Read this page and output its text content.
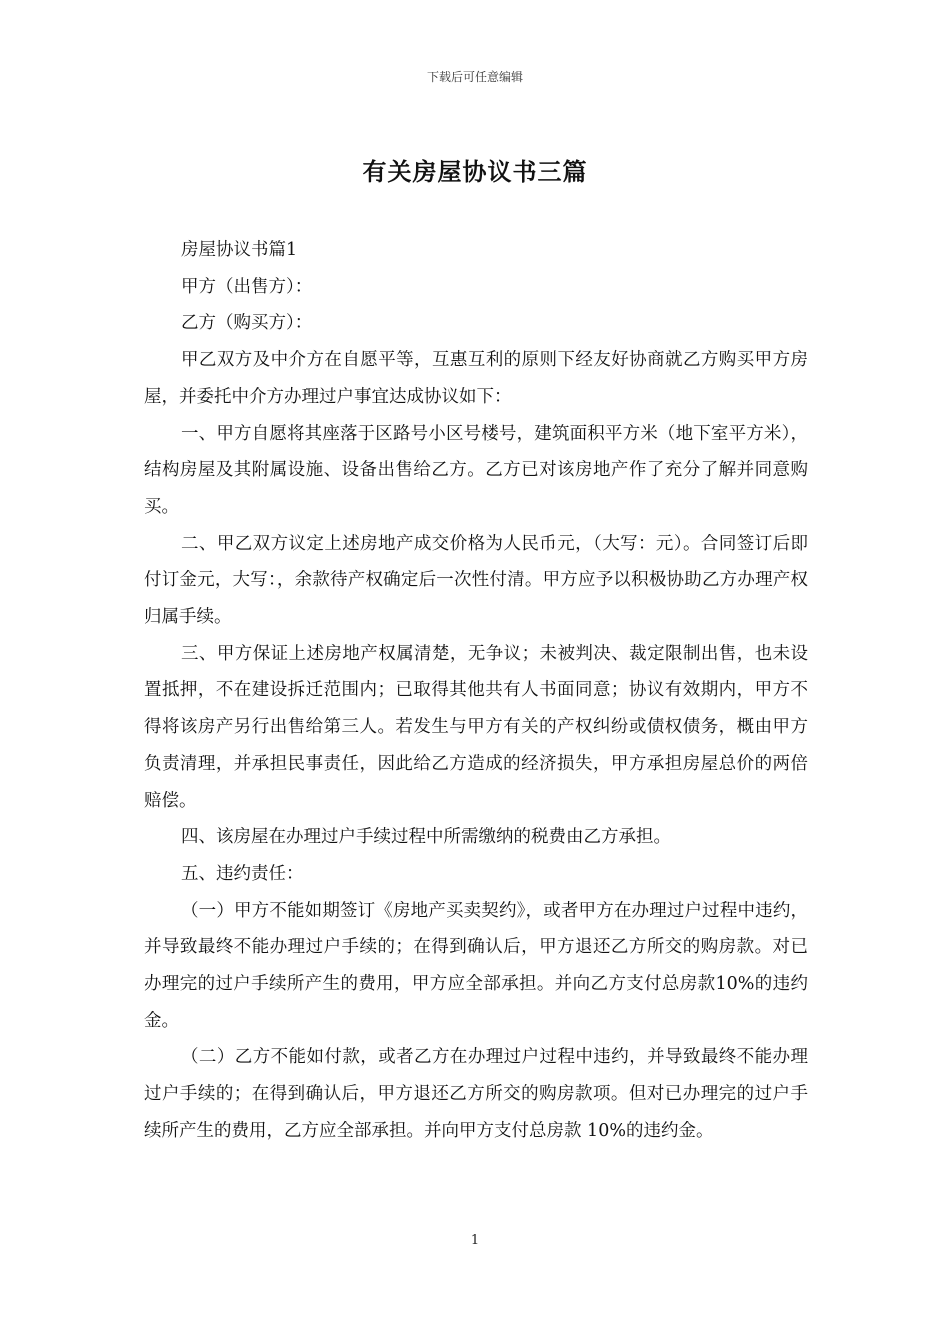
下载后可任意编辑
有关房屋协议书三篇

房屋协议书篇1

甲方（出售方）：

乙方（购买方）：

甲乙双方及中介方在自愿平等，互惠互利的原则下经友好协商就乙方购买甲方房屋，并委托中介方办理过户事宜达成协议如下：

一、甲方自愿将其座落于区路号小区号楼号，建筑面积平方米（地下室平方米），结构房屋及其附属设施、设备出售给乙方。乙方已对该房地产作了充分了解并同意购买。

二、甲乙双方议定上述房地产成交价格为人民币元，（大写：元）。合同签订后即付订金元，大写：，余款待产权确定后一次性付清。甲方应予以积极协助乙方办理产权归属手续。

三、甲方保证上述房地产权属清楚，无争议；未被判决、裁定限制出售，也未设置抵押，不在建设拆迁范围内；已取得其他共有人书面同意；协议有效期内，甲方不得将该房产另行出售给第三人。若发生与甲方有关的产权纠纷或债权债务，概由甲方负责清理，并承担民事责任，因此给乙方造成的经济损失，甲方承担房屋总价的两倍赔偿。

四、该房屋在办理过户手续过程中所需缴纳的税费由乙方承担。

五、违约责任：

（一）甲方不能如期签订《房地产买卖契约》，或者甲方在办理过户过程中违约，并导致最终不能办理过户手续的；在得到确认后，甲方退还乙方所交的购房款。对已办理完的过户手续所产生的费用，甲方应全部承担。并向乙方支付总房款10%的违约金。

（二）乙方不能如付款，或者乙方在办理过户过程中违约，并导致最终不能办理过户手续的；在得到确认后，甲方退还乙方所交的购房款项。但对已办理完的过户手续所产生的费用，乙方应全部承担。并向甲方支付总房款 10%的违约金。

1
